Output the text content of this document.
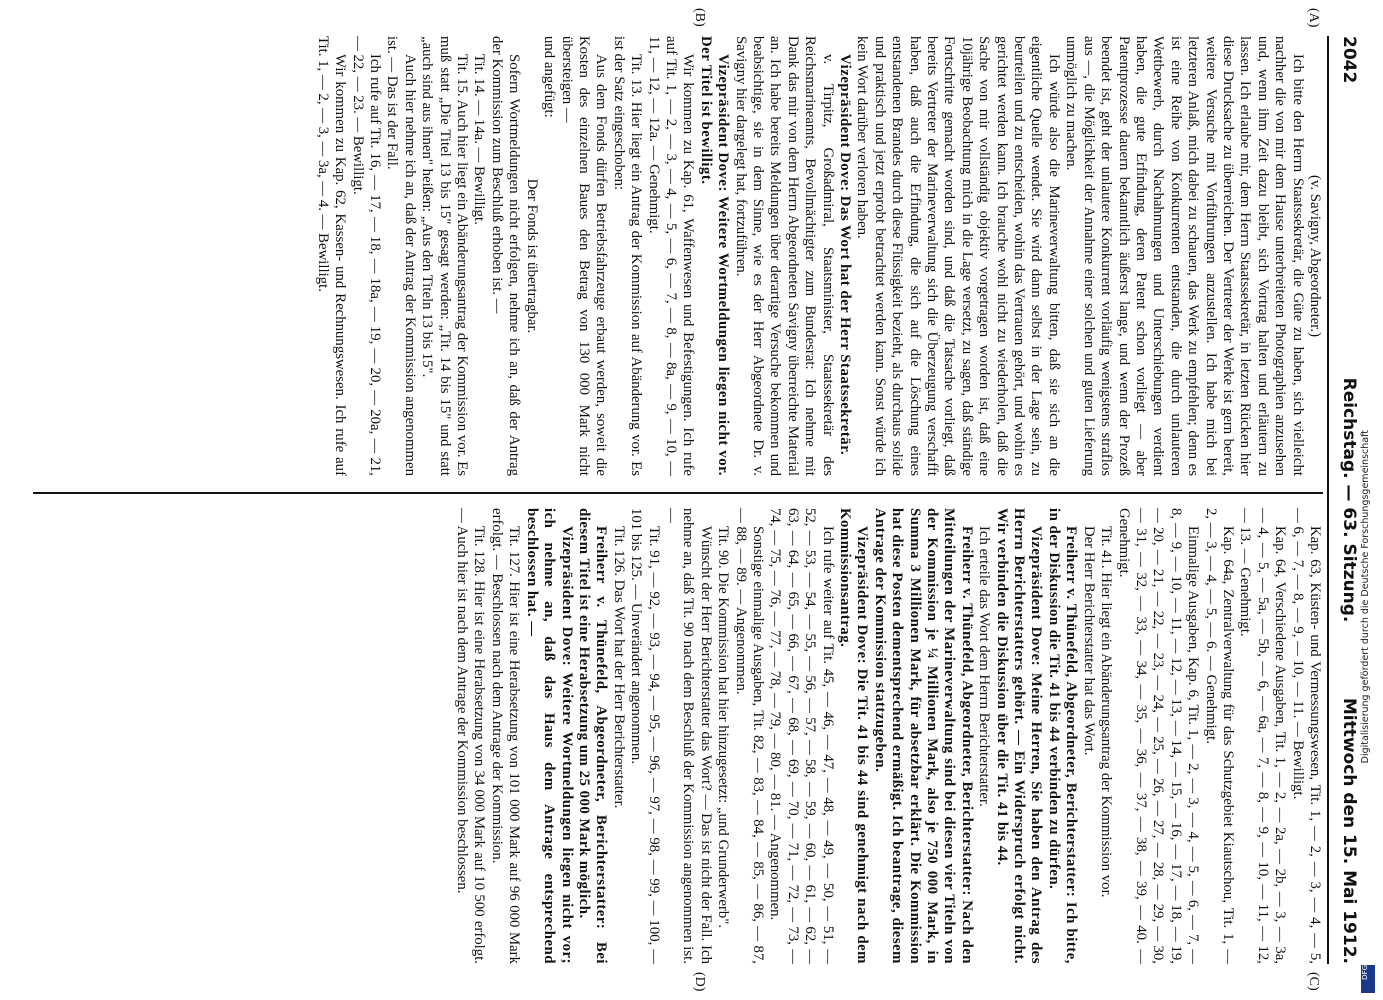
2042
Reichstag. — 63. Sitzung.
Mittwoch den 15. Mai 1912.
(A)
(B)
(C)
(D)

(v. Savigny, Abgeordneter.)

Ich bitte den Herrn Staatssekretär, die Güte zu haben, sich vielleicht nachher die von mir dem Hause unterbreiteten Photographien anzusehen und, wenn ihm Zeit dazu bleibt, sich Vortrag halten und erläutern zu lassen. Ich erlaube mir, dem Herrn Staatssekretär, in letzten Rücken hier diese Drucksache zu überreichen. Der Vertreter der Werke ist gern bereit, weitere Versuche mit Vorführungen anzustellen. Ich habe mich bei letzteren Anlaß, mich dabei zu schauen, das Werk zu empfehlen; denn es ist eine Reihe von Konkurrenten entstanden, die durch unlauteren Wettbewerb, durch Nachahmungen und Unterschiebungen verdient haben, die gute Erfindung, deren Patent schon vorliegt — aber Patentprozesse dauern bekanntlich äußerst lange, und wenn der Prozeß beendet ist, geht der unlautere Konkurrent vorläufig wenigstens straflos aus —, die Möglichkeit der Annahme einer solchen und guten Lieferung unmöglich zu machen.

Ich würde also die Marineverwaltung bitten, daß sie sich an die eigentliche Quelle wendet. Sie wird dann selbst in der Lage sein, zu beurteilen und zu entscheiden, wohin das Vertrauen gehört, und wohin es gerichtet werden kann. Ich brauche wohl nicht zu wiederholen, daß die Sache von mir vollständig objektiv vorgetragen worden ist, daß eine 10jährige Beobachtung mich in die Lage versetzt, zu sagen, daß ständige Fortschritte gemacht worden sind, und daß die Tatsache vorliegt, daß bereits Vertreter der Marineverwaltung sich die Überzeugung verschafft haben, daß auch die Erfindung, die sich auf die Löschung eines entstandenen Brandes durch diese Flüssigkeit bezieht, als durchaus solide und praktisch und jetzt erprobt betrachtet werden kann. Sonst würde ich kein Wort darüber verloren haben.

Vizepräsident Dove: Das Wort hat der Herr Staatssekretär.

v. Tirpitz, Großadmiral, Staatsminister, Staatssekretär des Reichsmarineamts, Bevollmächtigter zum Bundesrat: Ich nehme mit Dank das mir von dem Herrn Abgeordneten Savigny überreichte Material an. Ich habe bereits Meldungen über derartige Versuche bekommen und beabsichtige, sie in dem Sinne, wie es der Herr Abgeordnete Dr. v. Savigny hier dargelegt hat, fortzuführen.

Vizepräsident Dove: Weitere Wortmeldungen liegen nicht vor. Der Titel ist bewilligt.

Wir kommen zu Kap. 61, Waffenwesen und Befestigungen. Ich rufe auf Tit. 1, — 2, — 3, — 4, — 5, — 6, — 7, — 8, — 8a, — 9, — 10, — 11, — 12, — 12a. — Genehmigt.

Tit. 13. Hier liegt ein Antrag der Kommission auf Abänderung vor. Es ist der Satz eingeschoben:

Aus dem Fonds dürfen Betriebsfahrzeuge erbaut werden, soweit die Kosten des einzelnen Baues den Betrag von 130 000 Mark nicht übersteigen —

und angefügt:

Der Fonds ist übertragbar.

Sofern Wortmeldungen nicht erfolgen, nehme ich an, daß der Antrag der Kommission zum Beschluß erhoben ist. —

Tit. 14. — 14a. — Bewilligt.

Tit. 15. Auch hier liegt ein Abänderungsantrag der Kommission vor. Es muß statt „Die Titel 13 bis 15" gesagt werden: „Tit. 14 bis 15" und statt „auch sind aus ihnen" heißen: „Aus den Titeln 13 bis 15".

Auch hier nehme ich an, daß der Antrag der Kommission angenommen ist. — Das ist der Fall.

Ich rufe auf Tit. 16, — 17, — 18, — 18a, — 19, — 20, — 20a, — 21, — 22, — 23. — Bewilligt.

Wir kommen zu Kap. 62, Kassen- und Rechnungswesen. Ich rufe auf Tit. 1, — 2, — 3, — 3a, — 4. — Bewilligt.

Kap. 63, Küsten- und Vermessungswesen, Tit. 1, — 2, — 3, — 4, — 5, — 6, — 7, — 8, — 9, — 10, — 11. — Bewilligt.

Kap. 64, Verschiedene Ausgaben, Tit. 1, — 2, — 2a, — 2b, — 3, — 3a, — 4, — 5, — 5a, — 5b, — 6, — 6a, — 7, — 8, — 9, — 10, — 11, — 12, — 13. — Genehmigt.

Kap. 64a, Zentralverwaltung für das Schutzgebiet Kiautschou, Tit. 1, — 2, — 3, — 4, — 5, — 6. — Genehmigt.

Einmalige Ausgaben, Kap. 6, Tit. 1, — 2, — 3, — 4, — 5, — 6, — 7, — 8, — 9, — 10, — 11, — 12, — 13, — 14, — 15, — 16, — 17, — 18, — 19, — 20, — 21, — 22, — 23, — 24, — 25, — 26, — 27, — 28, — 29, — 30, — 31, — 32, — 33, — 34, — 35, — 36, — 37, — 38, — 39, — 40. — Genehmigt.

Tit. 41. Hier liegt ein Abänderungsantrag der Kommission vor.

Der Herr Berichterstatter hat das Wort.

Freiherr v. Thünefeld, Abgeordneter, Berichterstatter: Ich bitte, in der Diskussion die Tit. 41 bis 44 verbinden zu dürfen.

Vizepräsident Dove: Meine Herren, Sie haben den Antrag des Herrn Berichterstatters gehört. — Ein Widerspruch erfolgt nicht. Wir verbinden die Diskussion über die Tit. 41 bis 44.

Ich erteile das Wort dem Herrn Berichterstatter.

Freiherr v. Thünefeld, Abgeordneter, Berichterstatter: Nach den Mitteilungen der Marineverwaltung sind bei diesen vier Titeln von der Kommission je ¼ Millionen Mark, also je 750 000 Mark, in Summa 3 Millionen Mark, für absetzbar erklärt. Die Kommission hat diese Posten dementsprechend ermäßigt. Ich beantrage, diesem Antrage der Kommission stattzugeben.

Vizepräsident Dove: Die Tit. 41 bis 44 sind genehmigt nach dem Kommissionsantrag.

Ich rufe weiter auf Tit. 45, — 46, — 47, — 48, — 49, — 50, — 51, — 52, — 53, — 54, — 55, — 56, — 57, — 58, — 59, — 60, — 61, — 62, — 63, — 64, — 65, — 66, — 67, — 68, — 69, — 70, — 71, — 72, — 73, — 74, — 75, — 76, — 77, — 78, — 79, — 80, — 81. — Angenommen.

Sonstige einmalige Ausgaben, Tit. 82, — 83, — 84, — 85, — 86, — 87, — 88, — 89. — Angenommen.

Tit. 90. Die Kommission hat hier hinzugesetzt: „und Grunderwerb".

Wünscht der Herr Berichterstatter das Wort? — Das ist nicht der Fall. Ich nehme an, daß Tit. 90 nach dem Beschluß der Kommission angenommen ist. —

Tit. 91, — 92, — 93, — 94, — 95, — 96, — 97, — 98, — 99, — 100, — 101 bis 125. — Unverändert angenommen.

Tit. 126. Das Wort hat der Herr Berichterstatter.

Freiherr v. Thünefeld, Abgeordneter, Berichterstatter: Bei diesem Titel ist eine Herabsetzung um 25 000 Mark möglich.

Vizepräsident Dove: Weitere Wortmeldungen liegen nicht vor; ich nehme an, daß das Haus dem Antrage entsprechend beschlossen hat. —

Tit. 127. Hier ist eine Herabsetzung von 101 000 Mark auf 96 000 Mark erfolgt. — Beschlossen nach dem Antrage der Kommission.

Tit. 128. Hier ist eine Herabsetzung von 34 000 Mark auf 10 500 erfolgt. — Auch hier ist nach dem Antrage der Kommission beschlossen.	Digitalisierung gefördert durch die Deutsche Forschungsgemeinschaft
DFG
